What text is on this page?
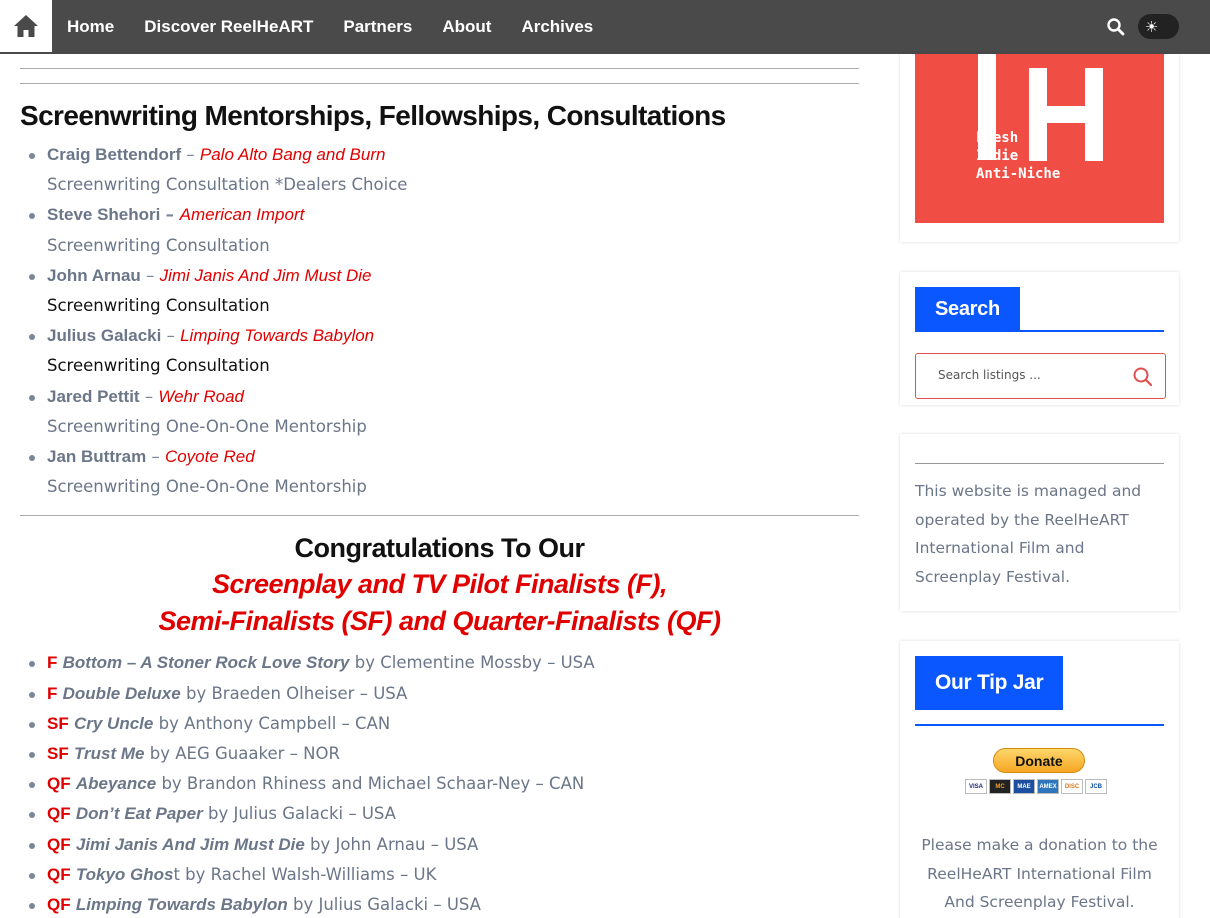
Home	Discover ReelHeART	Partners	About	Archives	☀
Screenwriting Mentorships, Fellowships, Consultations
Craig Bettendorf – Palo Alto Bang and Burn
Screenwriting Consultation *Dealers Choice
Steve Shehori – American Import
Screenwriting Consultation
John Arnau – Jimi Janis And Jim Must Die
Screenwriting Consultation
Julius Galacki – Limping Towards Babylon
Screenwriting Consultation
Jared Pettit – Wehr Road
Screenwriting One-On-One Mentorship
Jan Buttram – Coyote Red
Screenwriting One-On-One Mentorship
Congratulations To Our
Screenplay and TV Pilot Finalists (F),
Semi-Finalists (SF) and Quarter-Finalists (QF)
F Bottom – A Stoner Rock Love Story by Clementine Mossby – USA
F Double Deluxe by Braeden Olheiser – USA
SF Cry Uncle by Anthony Campbell – CAN
SF Trust Me by AEG Guaaker – NOR
QF Abeyance by Brandon Rhiness and Michael Schaar-Ney – CAN
QF Don’t Eat Paper by Julius Galacki – USA
QF Jimi Janis And Jim Must Die by John Arnau – USA
QF Tokyo Ghost by Rachel Walsh-Williams – UK
QF Limping Towards Babylon by Julius Galacki – USA
Fresh
Indie
Anti-Niche
Search
Search listings ...
This website is managed and operated by the ReelHeART International Film and Screenplay Festival.
Our Tip Jar
Donate
VISA	MC	MAE	AMEX	DISC	JCB
Please make a donation to the ReelHeART International Film And Screenplay Festival.
